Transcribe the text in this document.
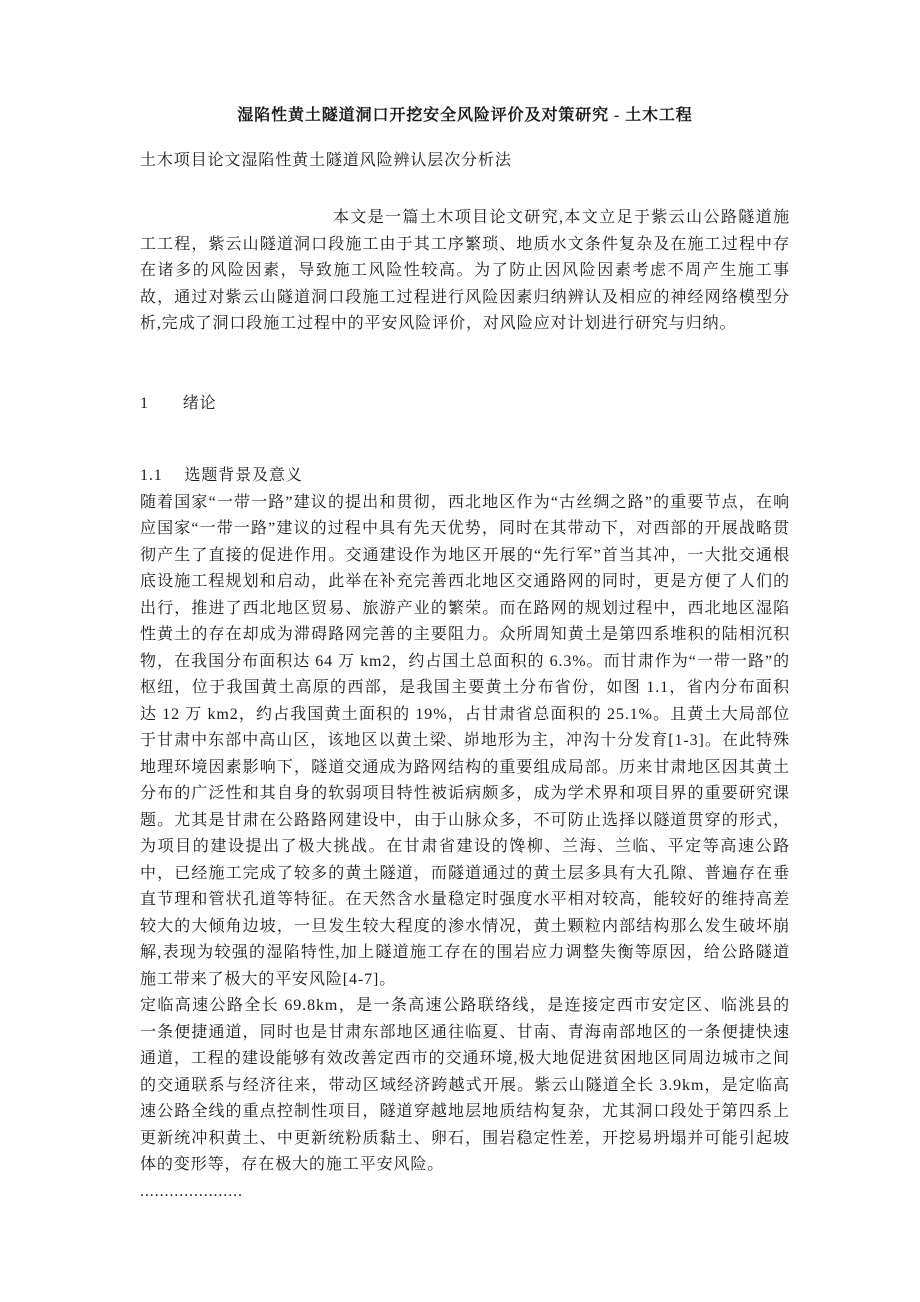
湿陷性黄土隧道洞口开挖安全风险评价及对策研究 - 土木工程
土木项目论文湿陷性黄土隧道风险辨认层次分析法

本文是一篇土木项目论文研究,本文立足于紫云山公路隧道施工工程，紫云山隧道洞口段施工由于其工序繁琐、地质水文条件复杂及在施工过程中存在诸多的风险因素，导致施工风险性较高。为了防止因风险因素考虑不周产生施工事故，通过对紫云山隧道洞口段施工过程进行风险因素归纳辨认及相应的神经网络模型分析,完成了洞口段施工过程中的平安风险评价，对风险应对计划进行研究与归纳。

1　　绪论
1.1　 选题背景及意义

随着国家“一带一路”建议的提出和贯彻，西北地区作为“古丝绸之路”的重要节点，在响应国家“一带一路”建议的过程中具有先天优势，同时在其带动下，对西部的开展战略贯彻产生了直接的促进作用。交通建设作为地区开展的“先行军”首当其冲，一大批交通根底设施工程规划和启动，此举在补充完善西北地区交通路网的同时，更是方便了人们的出行，推进了西北地区贸易、旅游产业的繁荣。而在路网的规划过程中，西北地区湿陷性黄土的存在却成为滞碍路网完善的主要阻力。众所周知黄土是第四系堆积的陆相沉积物，在我国分布面积达 64 万 km2，约占国土总面积的 6.3%。而甘肃作为“一带一路”的枢纽，位于我国黄土高原的西部，是我国主要黄土分布省份，如图 1.1，省内分布面积达 12 万 km2，约占我国黄土面积的 19%，占甘肃省总面积的 25.1%。且黄土大局部位于甘肃中东部中高山区，该地区以黄土梁、峁地形为主，冲沟十分发育[1-3]。在此特殊地理环境因素影响下，隧道交通成为路网结构的重要组成局部。历来甘肃地区因其黄土分布的广泛性和其自身的软弱项目特性被诟病颇多，成为学术界和项目界的重要研究课题。尤其是甘肃在公路路网建设中，由于山脉众多，不可防止选择以隧道贯穿的形式，为项目的建设提出了极大挑战。在甘肃省建设的馋柳、兰海、兰临、平定等高速公路中，已经施工完成了较多的黄土隧道，而隧道通过的黄土层多具有大孔隙、普遍存在垂直节理和管状孔道等特征。在天然含水量稳定时强度水平相对较高，能较好的维持高差较大的大倾角边坡，一旦发生较大程度的渗水情况，黄土颗粒内部结构那么发生破坏崩解,表现为较强的湿陷特性,加上隧道施工存在的围岩应力调整失衡等原因，给公路隧道施工带来了极大的平安风险[4-7]。

定临高速公路全长 69.8km，是一条高速公路联络线，是连接定西市安定区、临洮县的一条便捷通道，同时也是甘肃东部地区通往临夏、甘南、青海南部地区的一条便捷快速通道，工程的建设能够有效改善定西市的交通环境,极大地促进贫困地区同周边城市之间的交通联系与经济往来，带动区域经济跨越式开展。紫云山隧道全长 3.9km，是定临高速公路全线的重点控制性项目，隧道穿越地层地质结构复杂，尤其洞口段处于第四系上更新统冲积黄土、中更新统粉质黏土、卵石，围岩稳定性差，开挖易坍塌并可能引起坡体的变形等，存在极大的施工平安风险。

.....................
